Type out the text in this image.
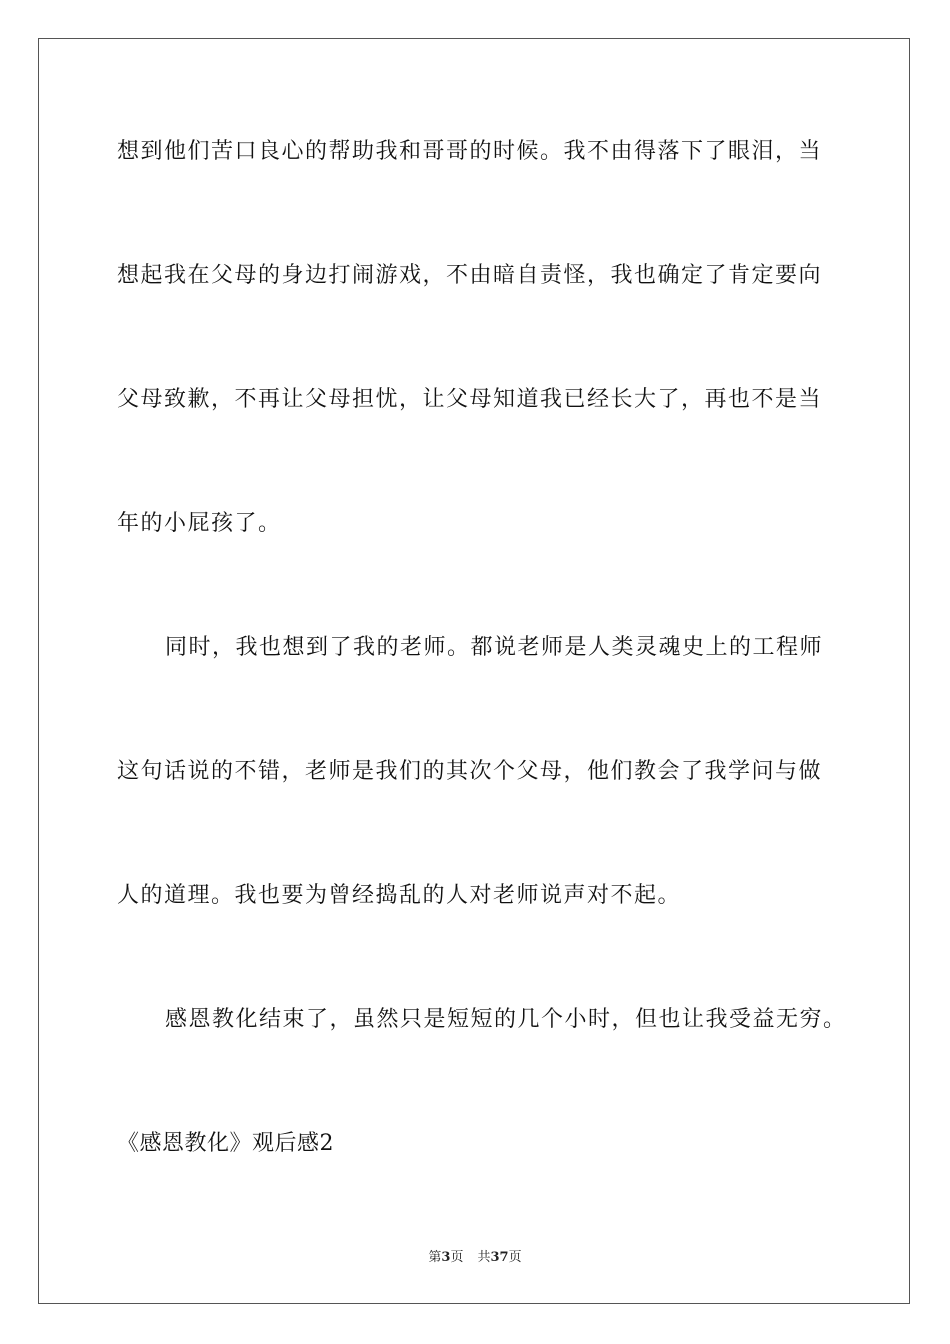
想到他们苦口良心的帮助我和哥哥的时候。我不由得落下了眼泪，当
想起我在父母的身边打闹游戏，不由暗自责怪，我也确定了肯定要向
父母致歉，不再让父母担忧，让父母知道我已经长大了，再也不是当
年的小屁孩了。
同时，我也想到了我的老师。都说老师是人类灵魂史上的工程师
这句话说的不错，老师是我们的其次个父母，他们教会了我学问与做
人的道理。我也要为曾经捣乱的人对老师说声对不起。
感恩教化结束了，虽然只是短短的几个小时，但也让我受益无穷。
《感恩教化》观后感2
第3页 共37页
